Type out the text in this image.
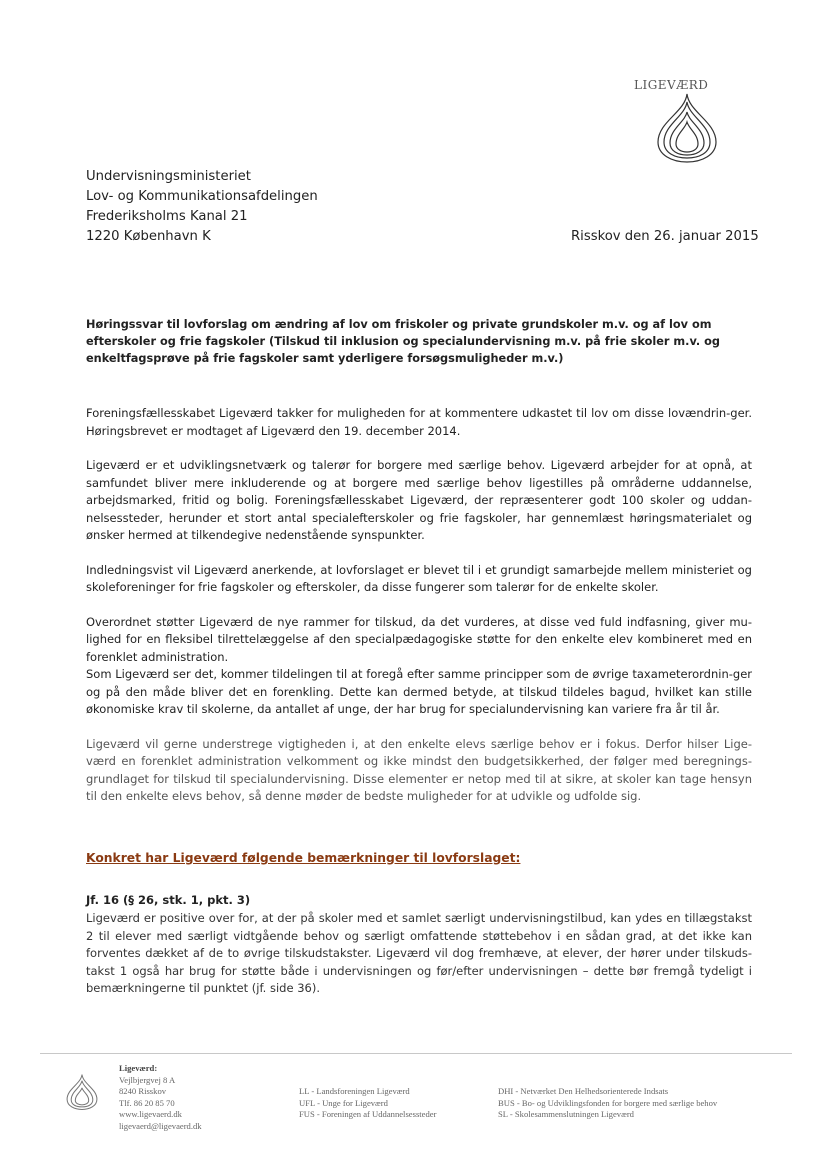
LIGEVÆRD
Undervisningsministeriet
Lov- og Kommunikationsafdelingen
Frederiksholms Kanal 21
1220 København K	Risskov den 26. januar 2015
Høringssvar til lovforslag om ændring af lov om friskoler og private grundskoler m.v. og af lov om efterskoler og frie fagskoler (Tilskud til inklusion og specialundervisning m.v. på frie skoler m.v. og enkeltfagsprøve på frie fagskoler samt yderligere forsøgsmuligheder m.v.)

Foreningsfællesskabet Ligeværd takker for muligheden for at kommentere udkastet til lov om disse lovændrin-ger. Høringsbrevet er modtaget af Ligeværd den 19. december 2014.

Ligeværd er et udviklingsnetværk og talerør for borgere med særlige behov. Ligeværd arbejder for at opnå, at samfundet bliver mere inkluderende og at borgere med særlige behov ligestilles på områderne uddannelse, arbejdsmarked, fritid og bolig. Foreningsfællesskabet Ligeværd, der repræsenterer godt 100 skoler og uddan-nelsessteder, herunder et stort antal specialefterskoler og frie fagskoler, har gennemlæst høringsmaterialet og ønsker hermed at tilkendegive nedenstående synspunkter.

Indledningsvist vil Ligeværd anerkende, at lovforslaget er blevet til i et grundigt samarbejde mellem ministeriet og skoleforeninger for frie fagskoler og efterskoler, da disse fungerer som talerør for de enkelte skoler.

Overordnet støtter Ligeværd de nye rammer for tilskud, da det vurderes, at disse ved fuld indfasning, giver mu-lighed for en fleksibel tilrettelæggelse af den specialpædagogiske støtte for den enkelte elev kombineret med en forenklet administration.

Som Ligeværd ser det, kommer tildelingen til at foregå efter samme principper som de øvrige taxameterordnin-ger og på den måde bliver det en forenkling. Dette kan dermed betyde, at tilskud tildeles bagud, hvilket kan stille økonomiske krav til skolerne, da antallet af unge, der har brug for specialundervisning kan variere fra år til år.

Ligeværd vil gerne understrege vigtigheden i, at den enkelte elevs særlige behov er i fokus. Derfor hilser Lige-værd en forenklet administration velkomment og ikke mindst den budgetsikkerhed, der følger med beregnings-grundlaget for tilskud til specialundervisning. Disse elementer er netop med til at sikre, at skoler kan tage hensyn til den enkelte elevs behov, så denne møder de bedste muligheder for at udvikle og udfolde sig.

Konkret har Ligeværd følgende bemærkninger til lovforslaget:
Jf. 16 (§ 26, stk. 1, pkt. 3)

Ligeværd er positive over for, at der på skoler med et samlet særligt undervisningstilbud, kan ydes en tillægstakst 2 til elever med særligt vidtgående behov og særligt omfattende støttebehov i en sådan grad, at det ikke kan forventes dækket af de to øvrige tilskudstakster. Ligeværd vil dog fremhæve, at elever, der hører under tilskuds-takst 1 også har brug for støtte både i undervisningen og før/efter undervisningen – dette bør fremgå tydeligt i bemærkningerne til punktet (jf. side 36).

Ligeværd:
Vejlbjergvej 8 A
8240 Risskov
Tlf. 86 20 85 70
www.ligevaerd.dk
ligevaerd@ligevaerd.dk
LL - Landsforeningen Ligeværd
UFL - Unge for Ligeværd
FUS - Foreningen af Uddannelsessteder
DHI - Netværket Den Helhedsorienterede Indsats
BUS - Bo- og Udviklingsfonden for borgere med særlige behov
SL - Skolesammenslutningen Ligeværd
